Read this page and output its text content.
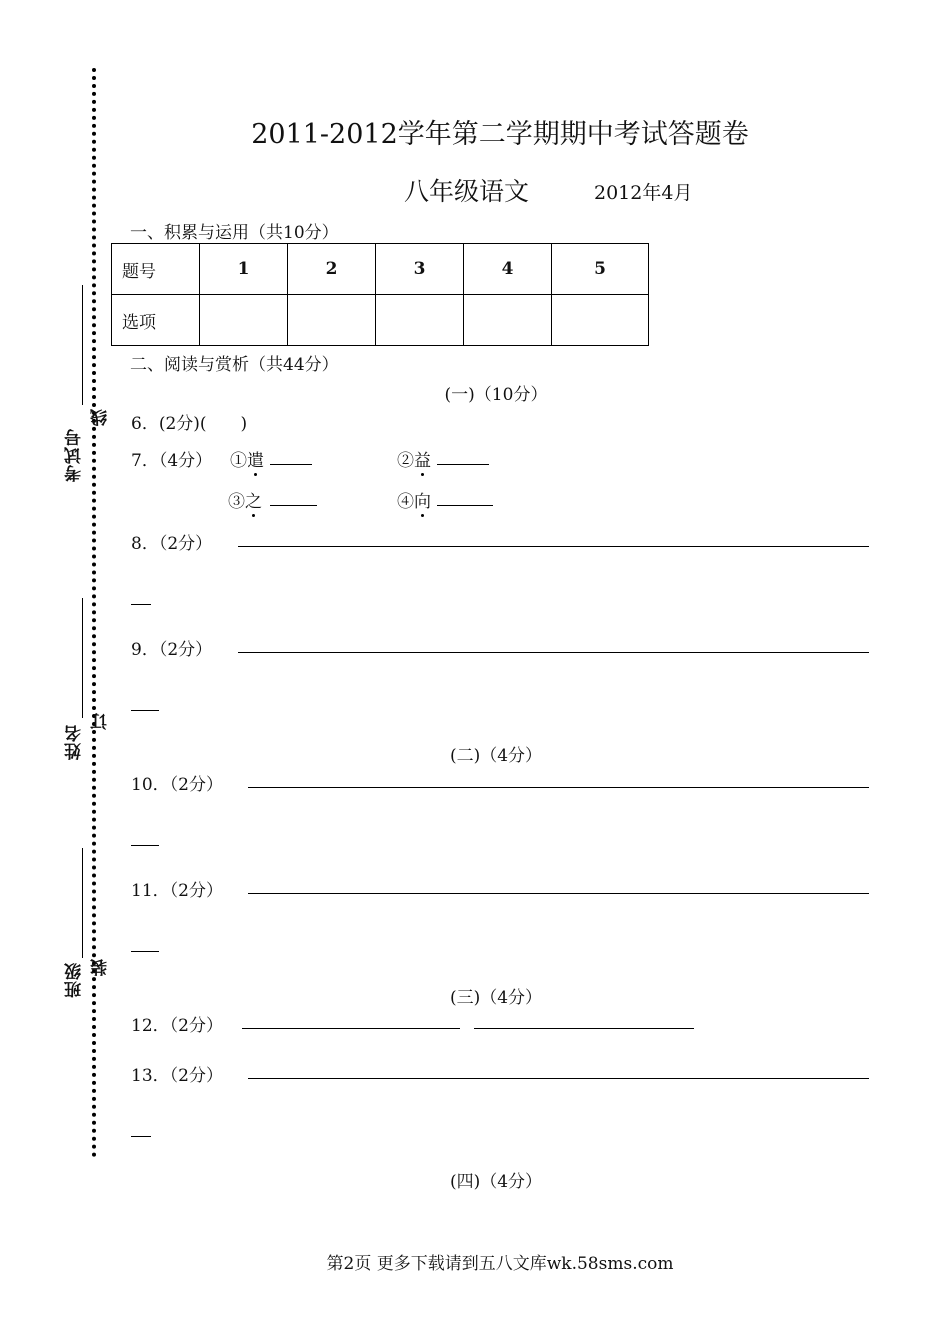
考试号
线
姓名
订
班级 装
2011-2012学年第二学期期中考试答题卷
八年级语文	2012年4月
一、积累与运用（共10分）
题号	1	2	3	4	5
选项					
二、阅读与赏析（共44分）
(一)（10分）
6．(2分)(　　)
7．（4分） ①遣	②益
③之	④向
8．（2分）
9．（2分）
(二)（4分）
10．（2分）
11．（2分）
(三)（4分）
12．（2分）
13．（2分）
(四)（4分）
第2页 更多下载请到五八文库wk.58sms.com
